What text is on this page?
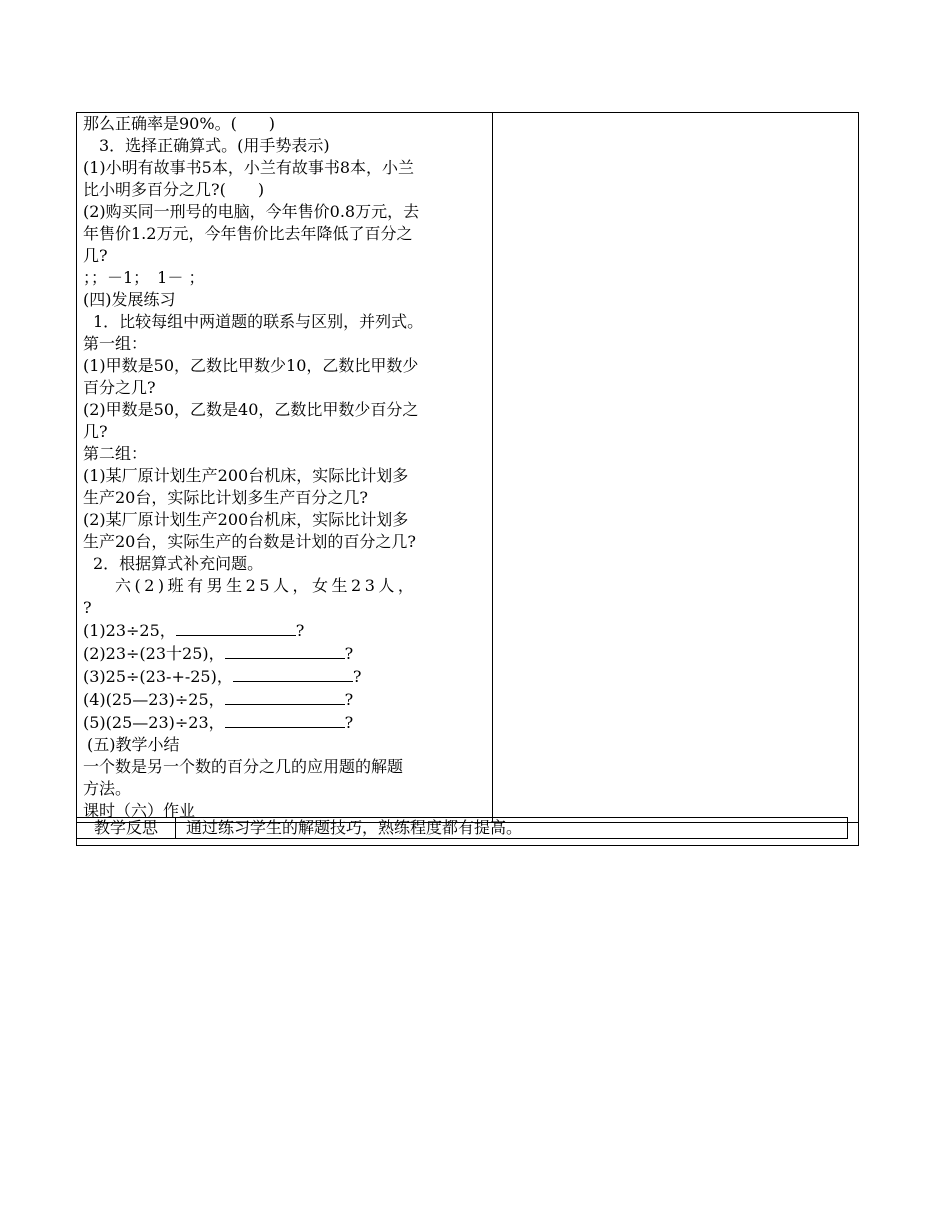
那么正确率是90%。(　　)
3．选择正确算式。(用手势表示)
(1)小明有故事书5本，小兰有故事书8本，小兰
比小明多百分之几?(　　)
(2)购买同一刑号的电脑，今年售价0.8万元，去
年售价1.2万元，今年售价比去年降低了百分之
几?
；；－1；　1－ ；
(四)发展练习
1．比较每组中两道题的联系与区别，并列式。
第一组：
(1)甲数是50，乙数比甲数少10，乙数比甲数少
百分之几?
(2)甲数是50，乙数是40，乙数比甲数少百分之
几?
第二组：
(1)某厂原计划生产200台机床，实际比计划多
生产20台，实际比计划多生产百分之几?
(2)某厂原计划生产200台机床，实际比计划多
生产20台，实际生产的台数是计划的百分之几?
2．根据算式补充问题。
六(2)班有男生25人，女生23人，
?
(1)23÷25，	?
(2)23÷(23十25)，	?
(3)25÷(23-+-25)，	?
(4)(25—23)÷25，	?
(5)(25—23)÷23，	?
(五)教学小结
一个数是另一个数的百分之几的应用题的解题
方法。
课时（六）作业

教学反思	通过练习学生的解题技巧，熟练程度都有提高。
